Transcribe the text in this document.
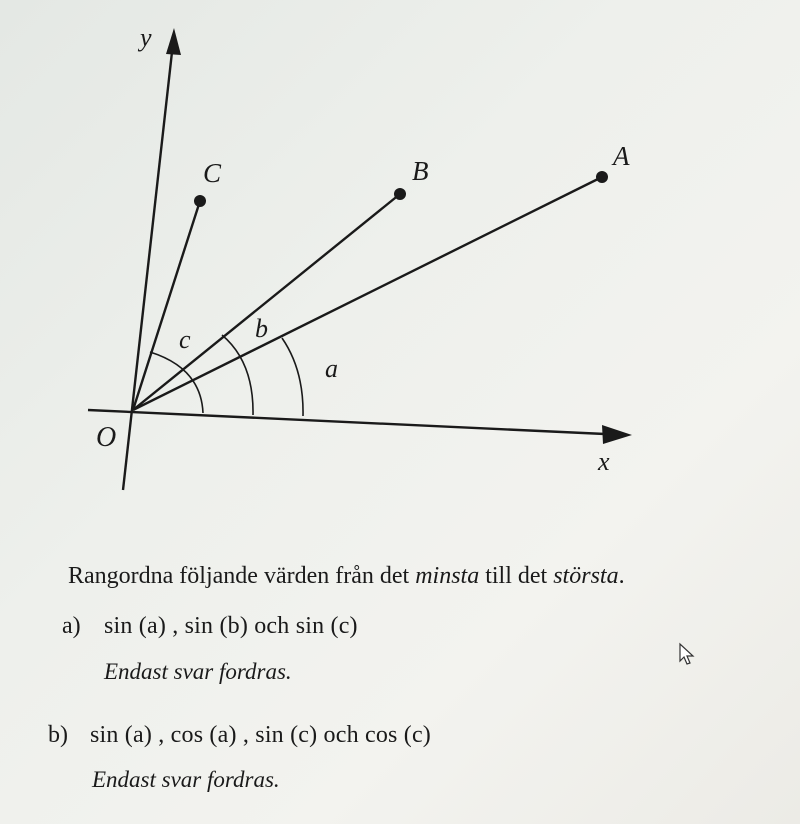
y
x
O
A
B
C
a
b
c
Rangordna följande värden från det minsta till det största.
a) sin (a) , sin (b) och sin (c)
Endast svar fordras.
b) sin (a) , cos (a) , sin (c) och cos (c)
Endast svar fordras.
